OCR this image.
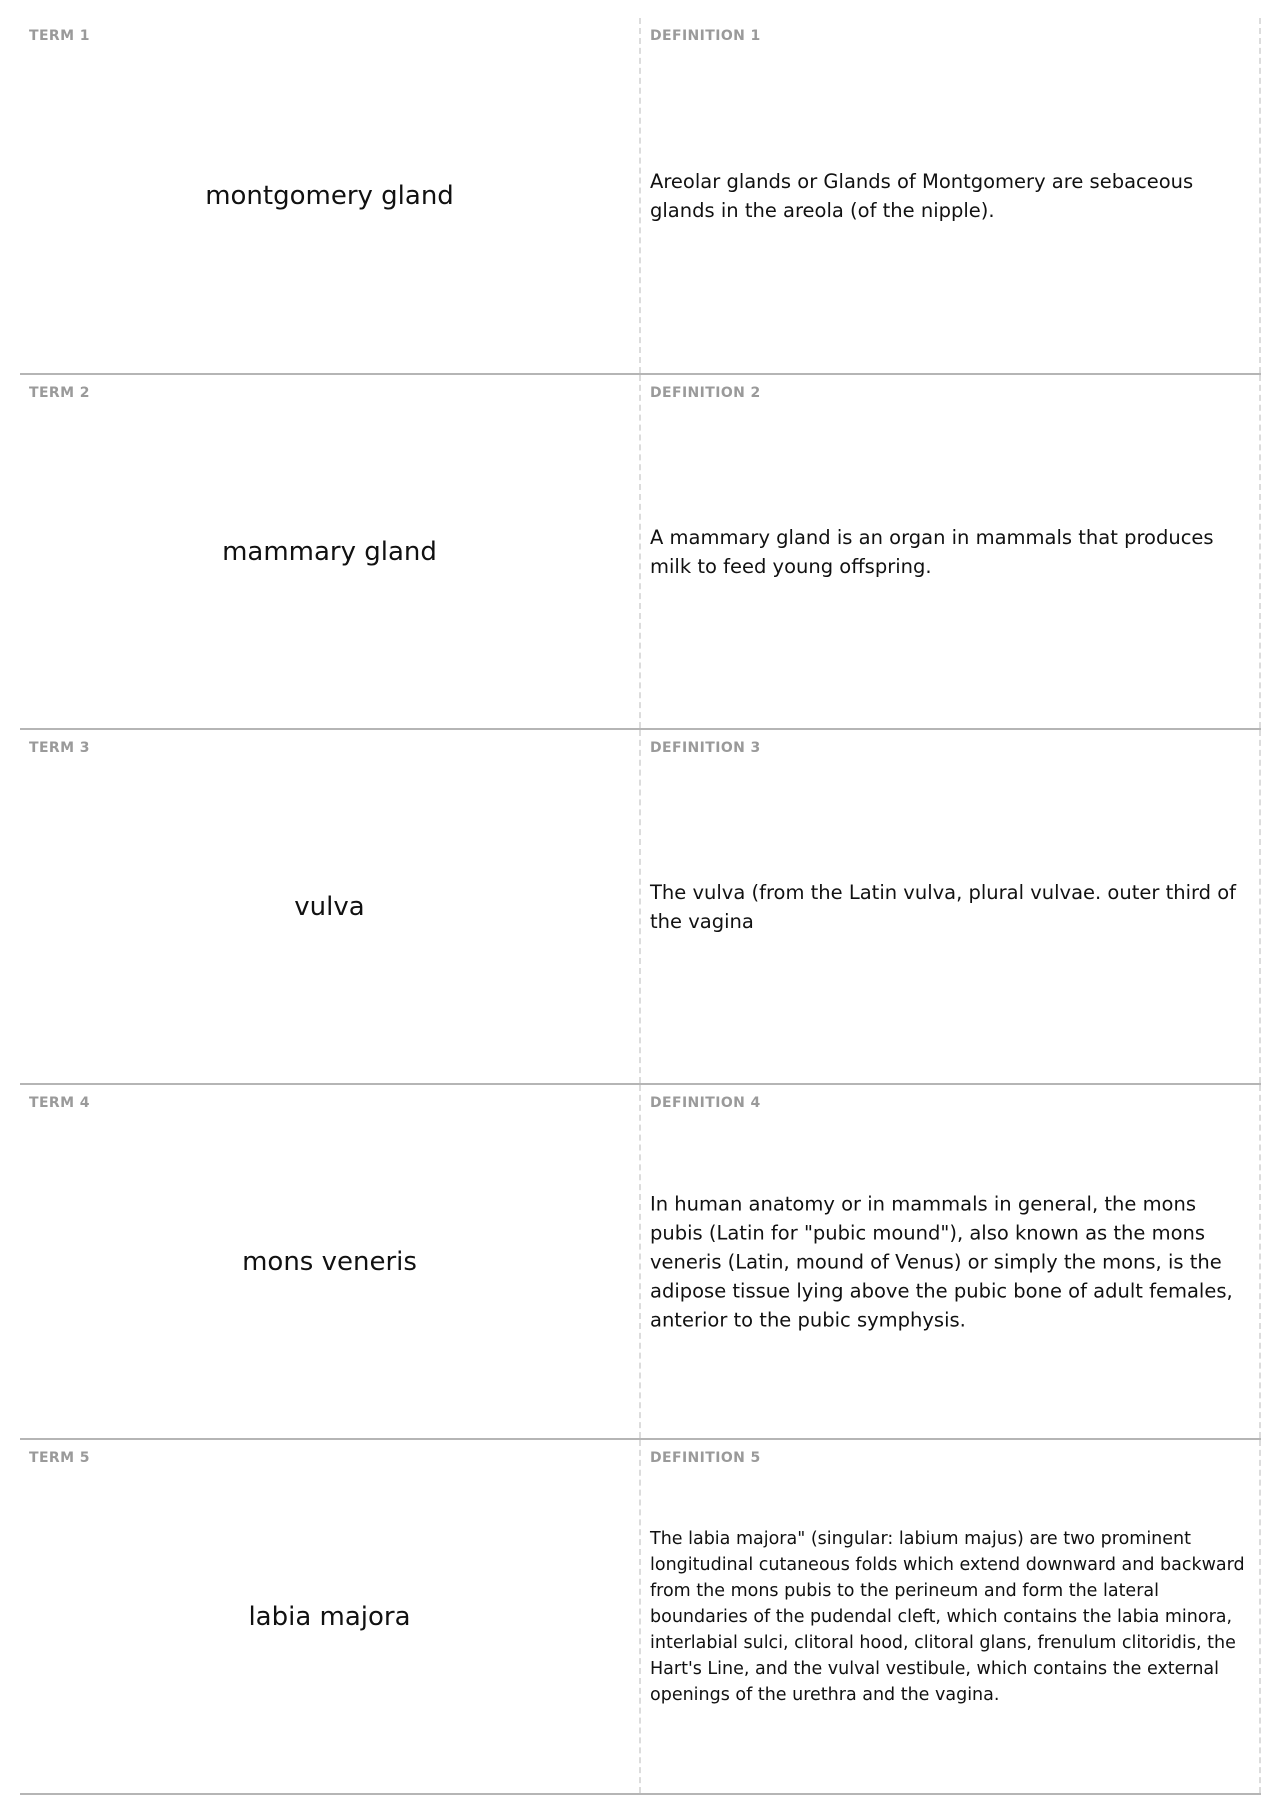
TERM 1
montgomery gland
DEFINITION 1
Areolar glands or Glands of Montgomery are sebaceous glands in the areola (of the nipple).
TERM 2
mammary gland
DEFINITION 2
A mammary gland is an organ in mammals that produces milk to feed young offspring.
TERM 3
vulva
DEFINITION 3
The vulva (from the Latin vulva, plural vulvae. outer third of the vagina
TERM 4
mons veneris
DEFINITION 4
In human anatomy or in mammals in general, the mons pubis (Latin for "pubic mound"), also known as the mons veneris (Latin, mound of Venus) or simply the mons, is the adipose tissue lying above the pubic bone of adult females, anterior to the pubic symphysis.
TERM 5
labia majora
DEFINITION 5
The labia majora" (singular: labium majus) are two prominent longitudinal cutaneous folds which extend downward and backward from the mons pubis to the perineum and form the lateral boundaries of the pudendal cleft, which contains the labia minora, interlabial sulci, clitoral hood, clitoral glans, frenulum clitoridis, the Hart's Line, and the vulval vestibule, which contains the external openings of the urethra and the vagina.
